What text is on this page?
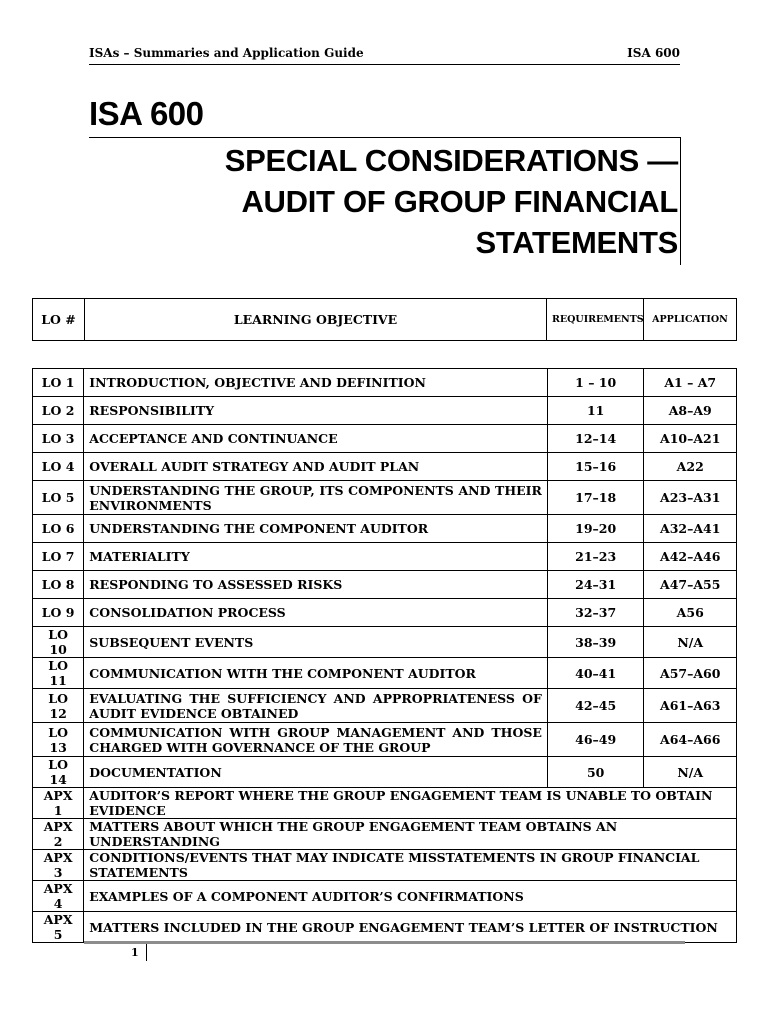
ISAs – Summaries and Application Guide	ISA 600
ISA 600
SPECIAL CONSIDERATIONS —
AUDIT OF GROUP FINANCIAL
STATEMENTS
LO #	LEARNING OBJECTIVE	REQUIREMENTS	APPLICATION
LO 1	INTRODUCTION, OBJECTIVE AND DEFINITION	1 – 10	A1 – A7
LO 2	RESPONSIBILITY	11	A8–A9
LO 3	ACCEPTANCE AND CONTINUANCE	12–14	A10–A21
LO 4	OVERALL AUDIT STRATEGY AND AUDIT PLAN	15–16	A22
LO 5	UNDERSTANDING THE GROUP, ITS COMPONENTS AND THEIR ENVIRONMENTS	17–18	A23–A31
LO 6	UNDERSTANDING THE COMPONENT AUDITOR	19–20	A32–A41
LO 7	MATERIALITY	21–23	A42–A46
LO 8	RESPONDING TO ASSESSED RISKS	24–31	A47–A55
LO 9	CONSOLIDATION PROCESS	32–37	A56
LO 10	SUBSEQUENT EVENTS	38–39	N/A
LO 11	COMMUNICATION WITH THE COMPONENT AUDITOR	40–41	A57–A60
LO 12	EVALUATING THE SUFFICIENCY AND APPROPRIATENESS OF AUDIT EVIDENCE OBTAINED	42–45	A61–A63
LO 13	COMMUNICATION WITH GROUP MANAGEMENT AND THOSE CHARGED WITH GOVERNANCE OF THE GROUP	46–49	A64–A66
LO 14	DOCUMENTATION	50	N/A
APX 1	AUDITOR’S REPORT WHERE THE GROUP ENGAGEMENT TEAM IS UNABLE TO OBTAIN EVIDENCE		
APX 2	MATTERS ABOUT WHICH THE GROUP ENGAGEMENT TEAM OBTAINS AN UNDERSTANDING		
APX 3	CONDITIONS/EVENTS THAT MAY INDICATE MISSTATEMENTS IN GROUP FINANCIAL STATEMENTS		
APX 4	EXAMPLES OF A COMPONENT AUDITOR’S CONFIRMATIONS		
APX 5	MATTERS INCLUDED IN THE GROUP ENGAGEMENT TEAM’S LETTER OF INSTRUCTION		
1
